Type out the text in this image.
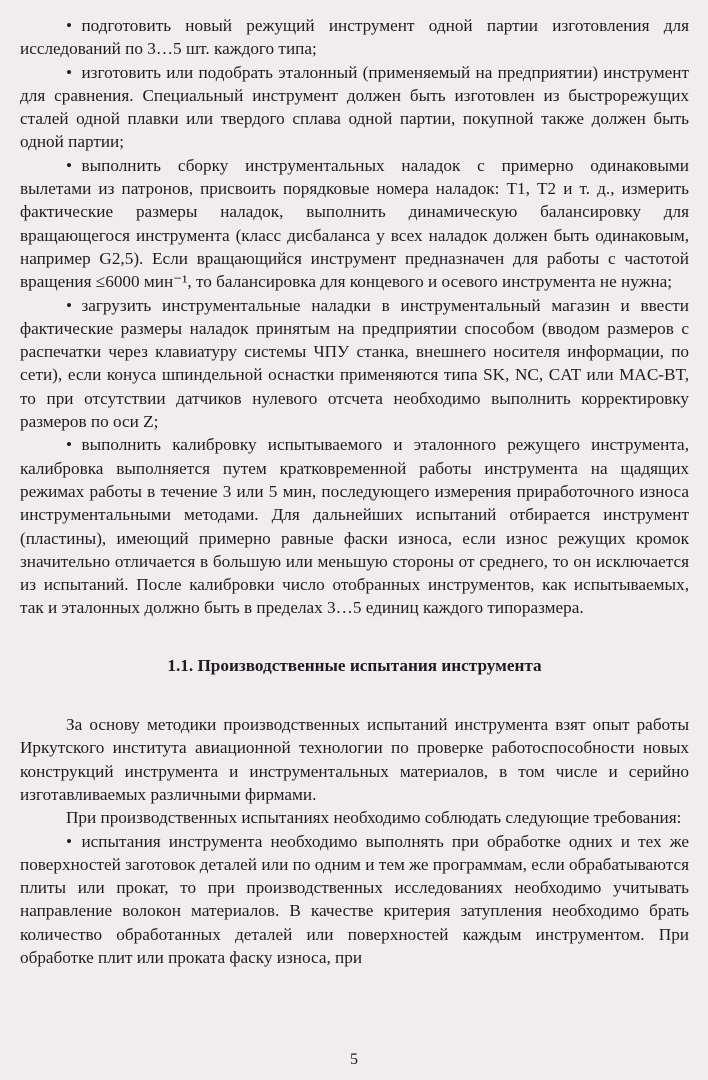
• подготовить новый режущий инструмент одной партии изготовления для исследований по 3…5 шт. каждого типа;

• изготовить или подобрать эталонный (применяемый на предприятии) инструмент для сравнения. Специальный инструмент должен быть изготовлен из быстрорежущих сталей одной плавки или твердого сплава одной партии, покупной также должен быть одной партии;

• выполнить сборку инструментальных наладок с примерно одинаковыми вылетами из патронов, присвоить порядковые номера наладок: Т1, Т2 и т. д., измерить фактические размеры наладок, выполнить динамическую балансировку для вращающегося инструмента (класс дисбаланса у всех наладок должен быть одинаковым, например G2,5). Если вращающийся инструмент предназначен для работы с частотой вращения ≤6000 мин⁻¹, то балансировка для концевого и осевого инструмента не нужна;

• загрузить инструментальные наладки в инструментальный магазин и ввести фактические размеры наладок принятым на предприятии способом (вводом размеров с распечатки через клавиатуру системы ЧПУ станка, внешнего носителя информации, по сети), если конуса шпиндельной оснастки применяются типа SK, NC, CAT или MAC-BT, то при отсутствии датчиков нулевого отсчета необходимо выполнить корректировку размеров по оси Z;

• выполнить калибровку испытываемого и эталонного режущего инструмента, калибровка выполняется путем кратковременной работы инструмента на щадящих режимах работы в течение 3 или 5 мин, последующего измерения приработочного износа инструментальными методами. Для дальнейших испытаний отбирается инструмент (пластины), имеющий примерно равные фаски износа, если износ режущих кромок значительно отличается в большую или меньшую стороны от среднего, то он исключается из испытаний. После калибровки число отобранных инструментов, как испытываемых, так и эталонных должно быть в пределах 3…5 единиц каждого типоразмера.

1.1. Производственные испытания инструмента

За основу методики производственных испытаний инструмента взят опыт работы Иркутского института авиационной технологии по проверке работоспособности новых конструкций инструмента и инструментальных материалов, в том числе и серийно изготавливаемых различными фирмами.

При производственных испытаниях необходимо соблюдать следующие требования:

• испытания инструмента необходимо выполнять при обработке одних и тех же поверхностей заготовок деталей или по одним и тем же программам, если обрабатываются плиты или прокат, то при производственных исследованиях необходимо учитывать направление волокон материалов. В качестве критерия затупления необходимо брать количество обработанных деталей или поверхностей каждым инструментом. При обработке плит или проката фаску износа, при

5
